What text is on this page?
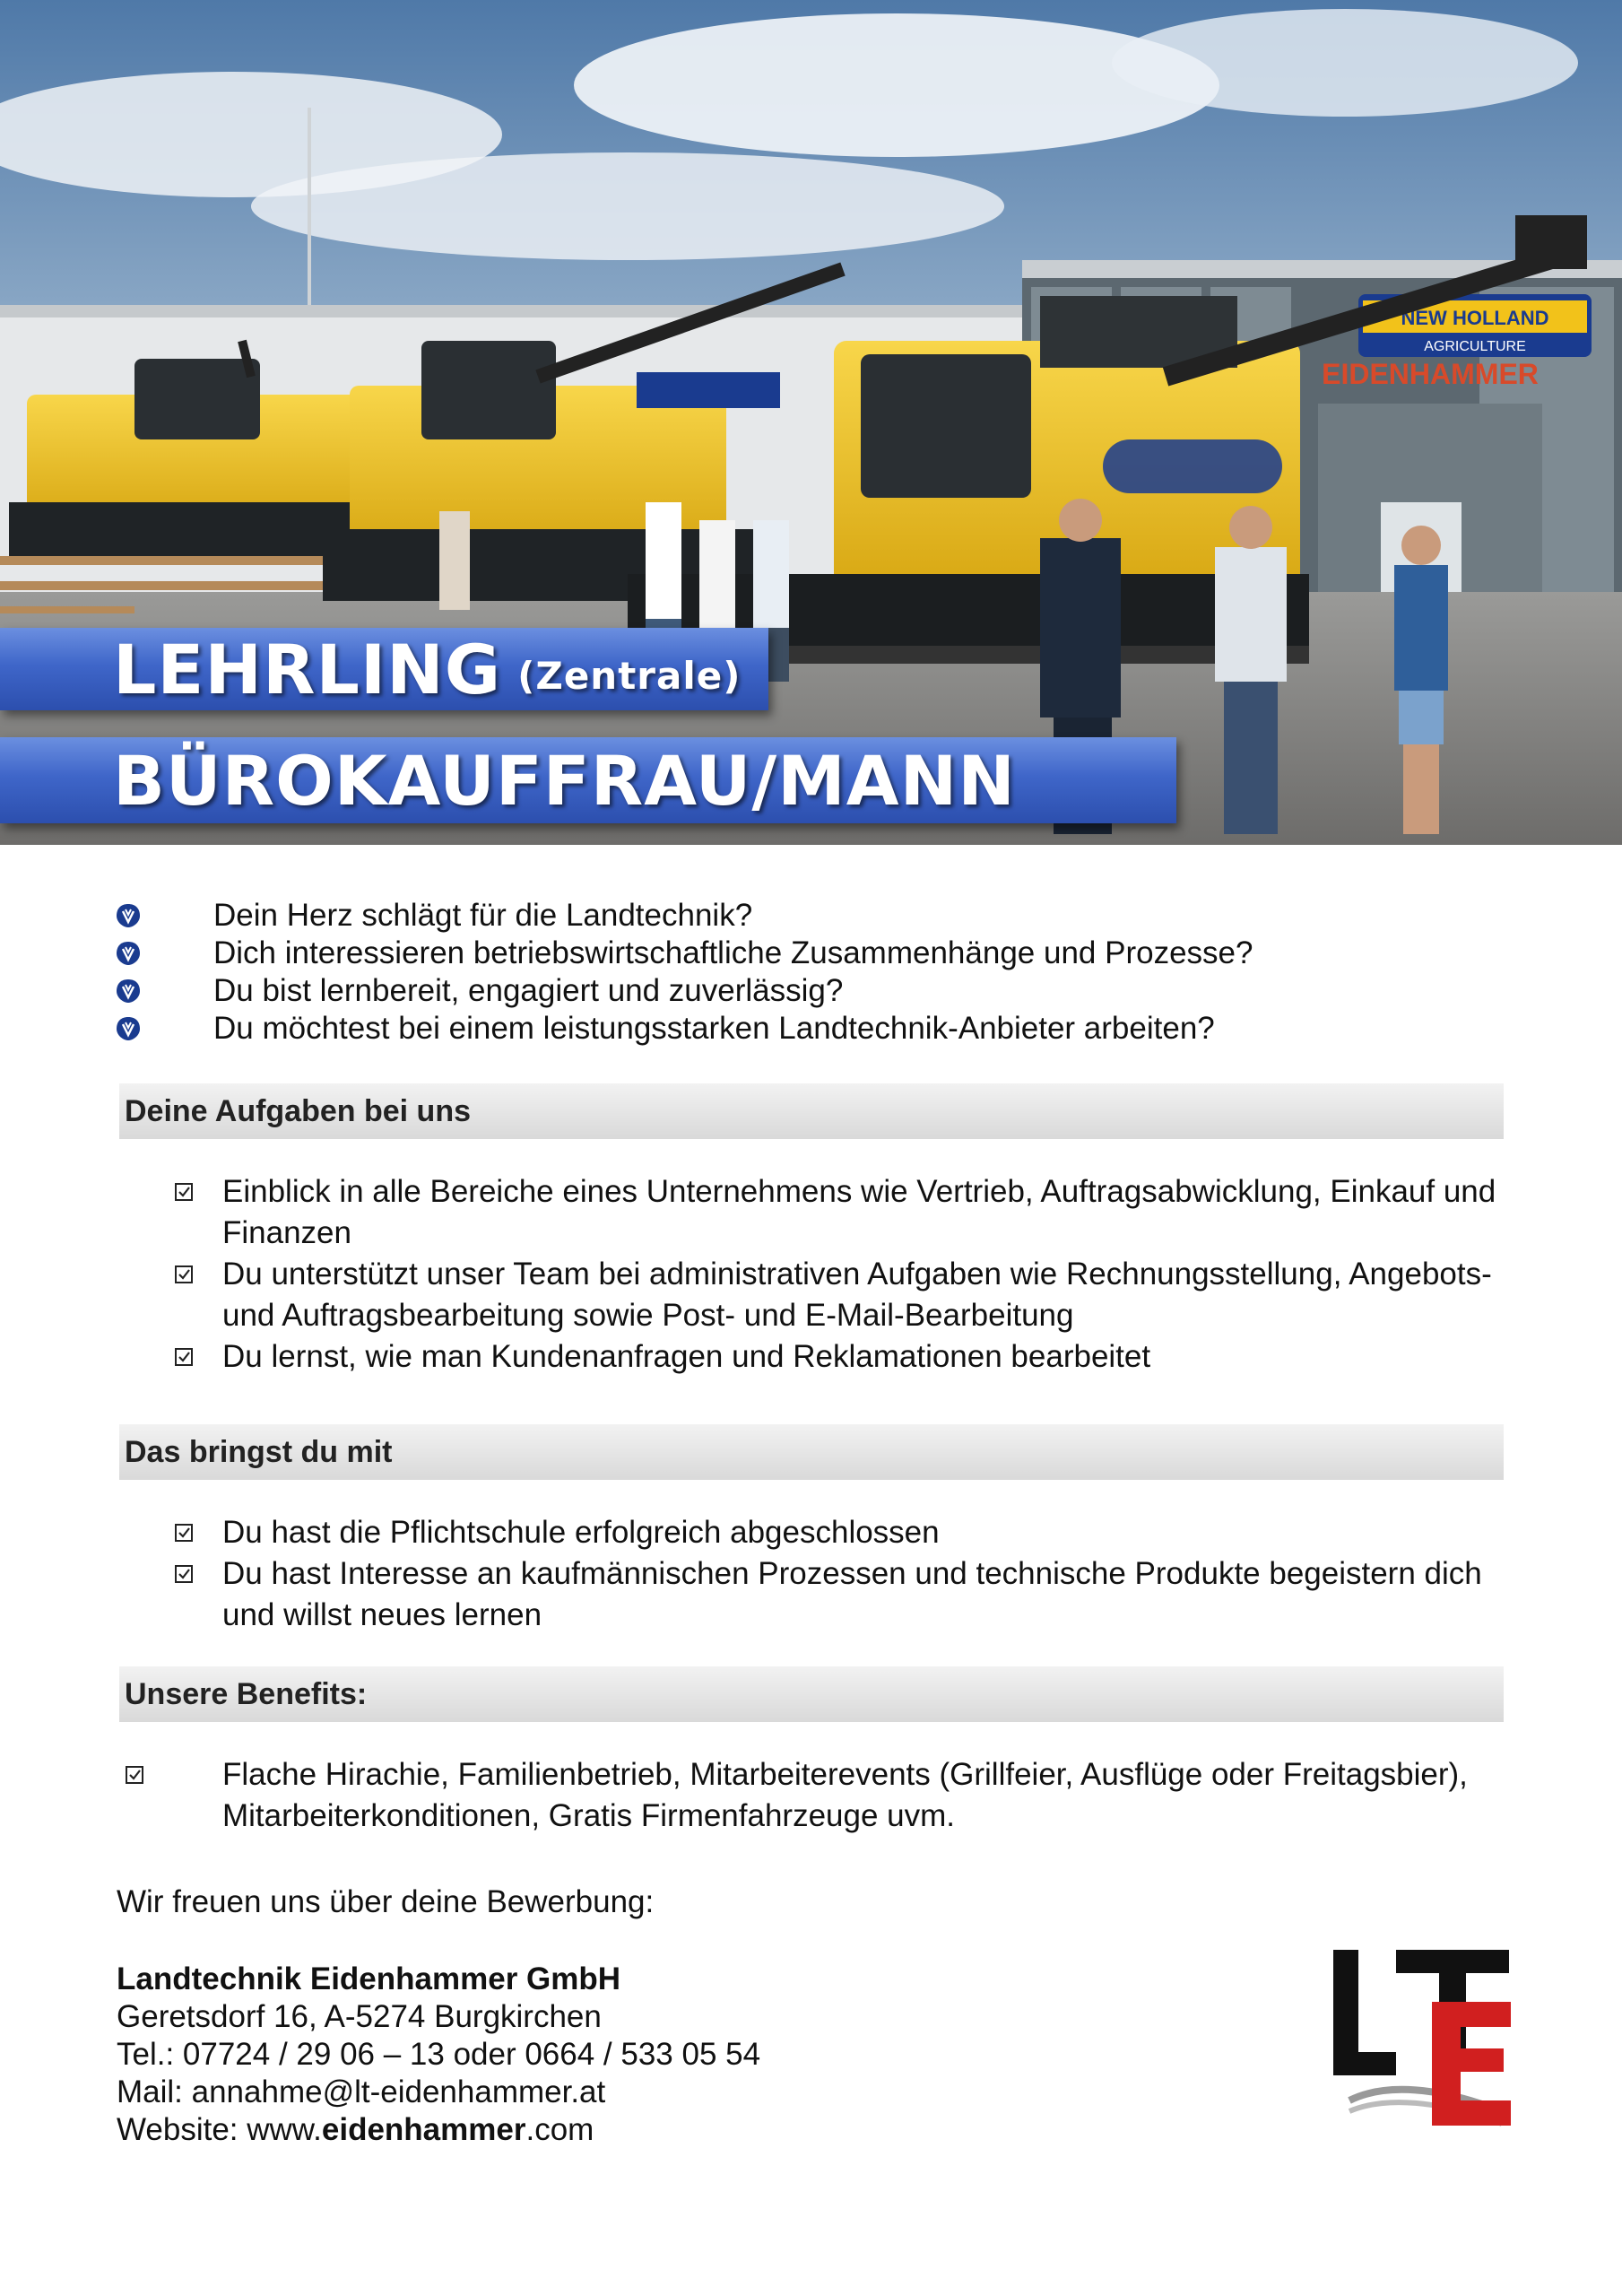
NEW HOLLAND
AGRICULTURE
EIDENHAMMER
LEHRLING (Zentrale)
BÜROKAUFFRAU/MANN
Dein Herz schlägt für die Landtechnik?
Dich interessieren betriebswirtschaftliche Zusammenhänge und Prozesse?
Du bist lernbereit, engagiert und zuverlässig?
Du möchtest bei einem leistungsstarken Landtechnik-Anbieter arbeiten?
Deine Aufgaben bei uns
Einblick in alle Bereiche eines Unternehmens wie Vertrieb, Auftragsabwicklung, Einkauf und Finanzen
Du unterstützt unser Team bei administrativen Aufgaben wie Rechnungsstellung, Angebots- und Auftragsbearbeitung sowie Post- und E-Mail-Bearbeitung
Du lernst, wie man Kundenanfragen und Reklamationen bearbeitet
Das bringst du mit
Du hast die Pflichtschule erfolgreich abgeschlossen
Du hast Interesse an kaufmännischen Prozessen und technische Produkte begeistern dich und willst neues lernen
Unsere Benefits:
Flache Hirachie, Familienbetrieb, Mitarbeiterevents (Grillfeier, Ausflüge oder Freitagsbier), Mitarbeiterkonditionen, Gratis Firmenfahrzeuge uvm.
Wir freuen uns über deine Bewerbung:
Landtechnik Eidenhammer GmbH
Geretsdorf 16, A-5274 Burgkirchen
Tel.: 07724 / 29 06 – 13 oder 0664 / 533 05 54
Mail: annahme@lt-eidenhammer.at
Website: www.eidenhammer.com
